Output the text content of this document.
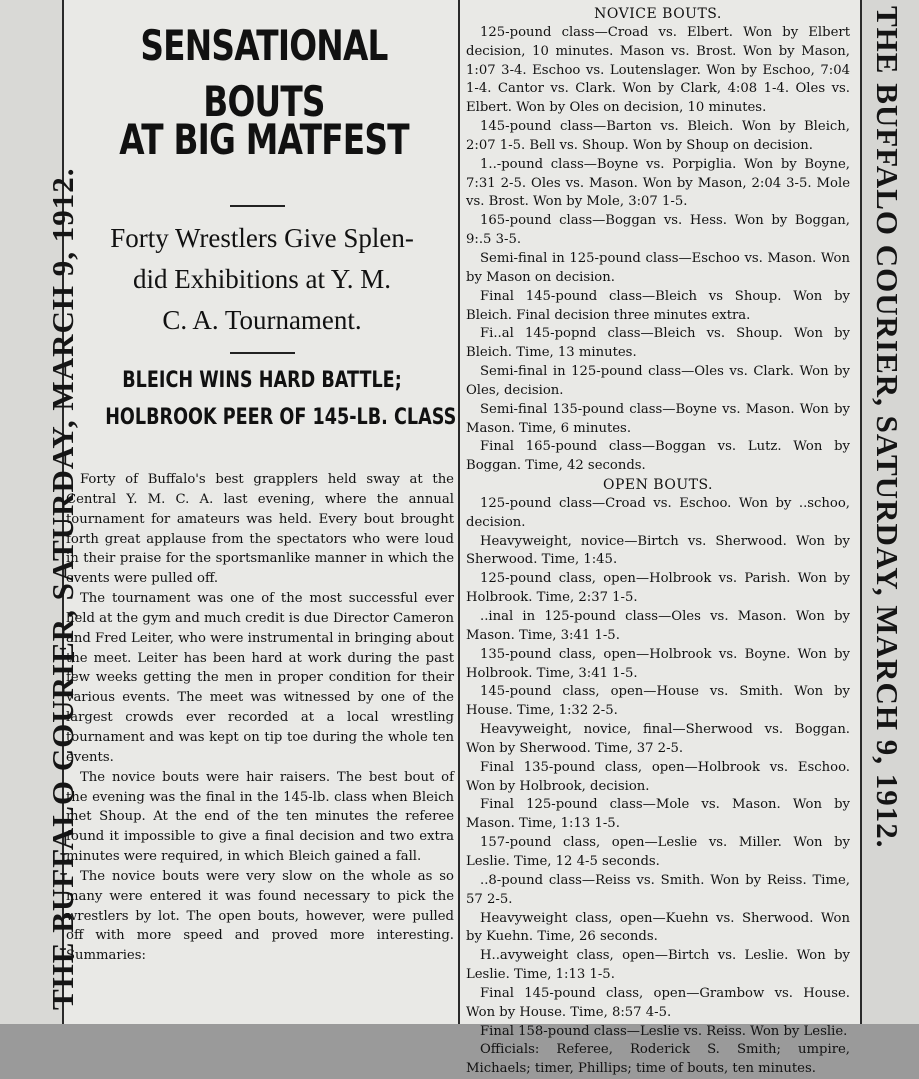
THE BUFFALO COURIER, SATURDAY, MARCH 9, 1912.	THE BUFFALO COURIER, SATURDAY, MARCH 9, 1912.
SENSATIONAL BOUTS
AT BIG MATFEST
Forty Wrestlers Give Splen-
did Exhibitions at Y. M.
C. A. Tournament.
BLEICH WINS HARD BATTLE;
HOLBROOK PEER OF 145-LB. CLASS

Forty of Buffalo's best grapplers held sway at the Central Y. M. C. A. last evening, where the annual tournament for amateurs was held. Every bout brought forth great applause from the spectators who were loud in their praise for the sportsmanlike manner in which the events were pulled off.

The tournament was one of the most successful ever held at the gym and much credit is due Director Cameron and Fred Leiter, who were instrumental in bringing about the meet. Leiter has been hard at work during the past few weeks getting the men in proper condition for their various events. The meet was witnessed by one of the largest crowds ever recorded at a local wrestling tournament and was kept on tip toe during the whole ten events.

The novice bouts were hair raisers. The best bout of the evening was the final in the 145-lb. class when Bleich met Shoup. At the end of the ten minutes the referee found it impossible to give a final decision and two extra minutes were required, in which Bleich gained a fall.

The novice bouts were very slow on the whole as so many were entered it was found necessary to pick the wrestlers by lot. The open bouts, however, were pulled off with more speed and proved more interesting. Summaries:

NOVICE BOUTS.

125-pound class—Croad vs. Elbert. Won by Elbert decision, 10 minutes. Mason vs. Brost. Won by Mason, 1:07 3-4. Eschoo vs. Loutenslager. Won by Eschoo, 7:04 1-4. Cantor vs. Clark. Won by Clark, 4:08 1-4. Oles vs. Elbert. Won by Oles on decision, 10 minutes.

145-pound class—Barton vs. Bleich. Won by Bleich, 2:07 1-5. Bell vs. Shoup. Won by Shoup on decision.

1..-pound class—Boyne vs. Porpiglia. Won by Boyne, 7:31 2-5. Oles vs. Mason. Won by Mason, 2:04 3-5. Mole vs. Brost. Won by Mole, 3:07 1-5.

165-pound class—Boggan vs. Hess. Won by Boggan, 9:.5 3-5.

Semi-final in 125-pound class—Eschoo vs. Mason. Won by Mason on decision.

Final 145-pound class—Bleich vs Shoup. Won by Bleich. Final decision three minutes extra.

Fi..al 145-popnd class—Bleich vs. Shoup. Won by Bleich. Time, 13 minutes.

Semi-final in 125-pound class—Oles vs. Clark. Won by Oles, decision.

Semi-final 135-pound class—Boyne vs. Mason. Won by Mason. Time, 6 minutes.

Final 165-pound class—Boggan vs. Lutz. Won by Boggan. Time, 42 seconds.

OPEN BOUTS.

125-pound class—Croad vs. Eschoo. Won by ..schoo, decision.

Heavyweight, novice—Birtch vs. Sherwood. Won by Sherwood. Time, 1:45.

125-pound class, open—Holbrook vs. Parish. Won by Holbrook. Time, 2:37 1-5.

..inal in 125-pound class—Oles vs. Mason. Won by Mason. Time, 3:41 1-5.

135-pound class, open—Holbrook vs. Boyne. Won by Holbrook. Time, 3:41 1-5.

145-pound class, open—House vs. Smith. Won by House. Time, 1:32 2-5.

Heavyweight, novice, final—Sherwood vs. Boggan. Won by Sherwood. Time, 37 2-5.

Final 135-pound class, open—Holbrook vs. Eschoo. Won by Holbrook, decision.

Final 125-pound class—Mole vs. Mason. Won by Mason. Time, 1:13 1-5.

157-pound class, open—Leslie vs. Miller. Won by Leslie. Time, 12 4-5 seconds.

..8-pound class—Reiss vs. Smith. Won by Reiss. Time, 57 2-5.

Heavyweight class, open—Kuehn vs. Sherwood. Won by Kuehn. Time, 26 seconds.

H..avyweight class, open—Birtch vs. Leslie. Won by Leslie. Time, 1:13 1-5.

Final 145-pound class, open—Grambow vs. House. Won by House. Time, 8:57 4-5.

Final 158-pound class—Leslie vs. Reiss. Won by Leslie.

Officials: Referee, Roderick S. Smith; umpire, Michaels; timer, Phillips; time of bouts, ten minutes.
